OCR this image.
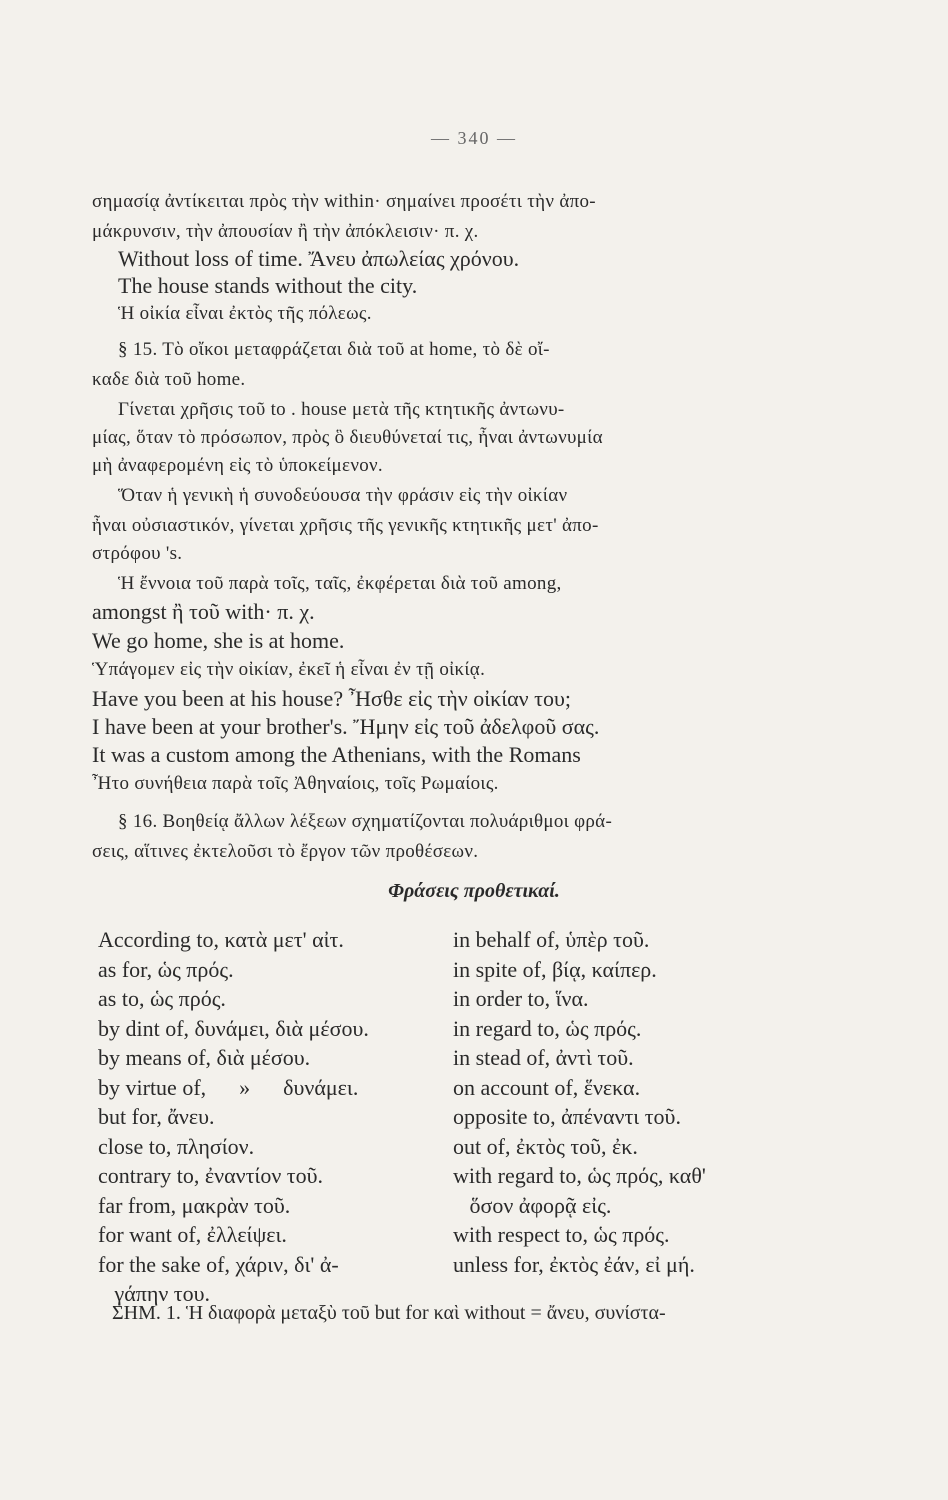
— 340 —
σημασίᾳ ἀντίκειται πρὸς τὴν within· σημαίνει προσέτι τὴν ἀπο-
μάκρυνσιν, τὴν ἀπουσίαν ἢ τὴν ἀπόκλεισιν· π. χ.
Without loss of time. Ἄνευ ἀπωλείας χρόνου.
The house stands without the city.
Ἡ οἰκία εἶναι ἐκτὸς τῆς πόλεως.
§ 15. Τὸ οἴκοι μεταφράζεται διὰ τοῦ at home, τὸ δὲ οἴ-
καδε διὰ τοῦ home.
Γίνεται χρῆσις τοῦ to . house μετὰ τῆς κτητικῆς ἀντωνυ-
μίας, ὅταν τὸ πρόσωπον, πρὸς ὃ διευθύνεταί τις, ἦναι ἀντωνυμία
μὴ ἀναφερομένη εἰς τὸ ὑποκείμενον.
Ὅταν ἡ γενικὴ ἡ συνοδεύουσα τὴν φράσιν εἰς τὴν οἰκίαν
ἦναι οὐσιαστικόν, γίνεται χρῆσις τῆς γενικῆς κτητικῆς μετ' ἀπο-
στρόφου 's.
Ἡ ἔννοια τοῦ παρὰ τοῖς, ταῖς, ἐκφέρεται διὰ τοῦ among,
amongst ἢ τοῦ with· π. χ.
We go home, she is at home.
Ὑπάγομεν εἰς τὴν οἰκίαν, ἐκεῖ ἡ εἶναι ἐν τῇ οἰκίᾳ.
Have you been at his house? Ἦσθε εἰς τὴν οἰκίαν του;
I have been at your brother's. Ἤμην εἰς τοῦ ἀδελφοῦ σας.
It was a custom among the Athenians, with the Romans
Ἦτο συνήθεια παρὰ τοῖς Ἀθηναίοις, τοῖς Ρωμαίοις.
§ 16. Βοηθείᾳ ἄλλων λέξεων σχηματίζονται πολυάριθμοι φρά-
σεις, αἵτινες ἐκτελοῦσι τὸ ἔργον τῶν προθέσεων.
Φράσεις προθετικαί.
According to, κατὰ μετ' αἰτ.
as for, ὡς πρός.
as to, ὡς πρός.
by dint of, δυνάμει, διὰ μέσου.
by means of, διὰ μέσου.
by virtue of,      »      δυνάμει.
but for, ἄνευ.
close to, πλησίον.
contrary to, ἐναντίον τοῦ.
far from, μακρὰν τοῦ.
for want of, ἐλλείψει.
for the sake of, χάριν, δι' ἀ-
γάπην του.
in behalf of, ὑπὲρ τοῦ.
in spite of, βίᾳ, καίπερ.
in order to, ἵνα.
in regard to, ὡς πρός.
in stead of, ἀντὶ τοῦ.
on account of, ἕνεκα.
opposite to, ἀπέναντι τοῦ.
out of, ἐκτὸς τοῦ, ἐκ.
with regard to, ὡς πρός, καθ'
ὅσον ἀφορᾷ εἰς.
with respect to, ὡς πρός.
unless for, ἐκτὸς ἐάν, εἰ μή.
ΣΗΜ. 1. Ἡ διαφορὰ μεταξὺ τοῦ but for καὶ without = ἄνευ, συνίστα-
